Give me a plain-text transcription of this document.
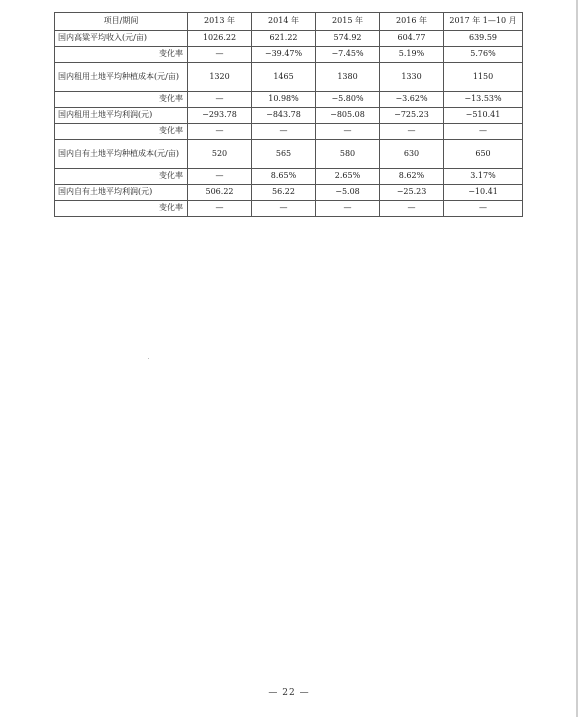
项目/期间	2013 年	2014 年	2015 年	2016 年	2017 年 1—10 月
国内高粱平均收入(元/亩)	1026.22	621.22	574.92	604.77	639.59
变化率	—	−39.47%	−7.45%	5.19%	5.76%
国内租用土地平均种植成本(元/亩)	1320	1465	1380	1330	1150
变化率	—	10.98%	−5.80%	−3.62%	−13.53%
国内租用土地平均利润(元)	−293.78	−843.78	−805.08	−725.23	−510.41
变化率	—	—	—	—	—
国内自有土地平均种植成本(元/亩)	520	565	580	630	650
变化率	—	8.65%	2.65%	8.62%	3.17%
国内自有土地平均利润(元)	506.22	56.22	−5.08	−25.23	−10.41
变化率	—	—	—	—	—
— 22 —
